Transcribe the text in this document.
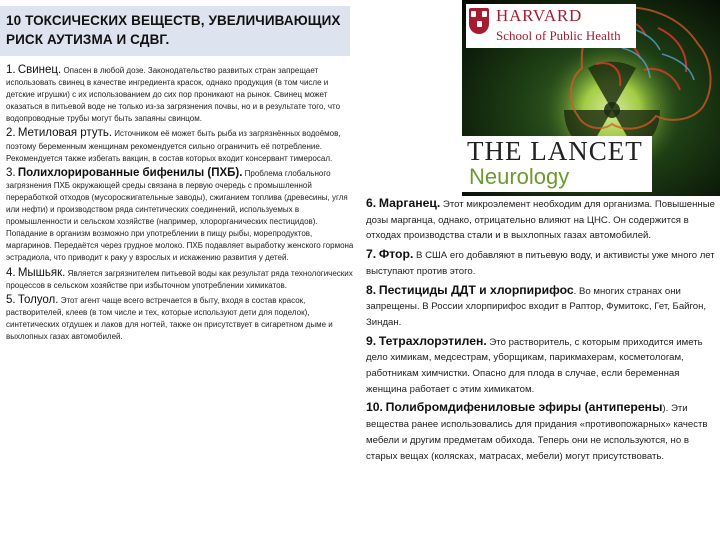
10 ТОКСИЧЕСКИХ ВЕЩЕСТВ, УВЕЛИЧИВАЮЩИХ
РИСК АУТИЗМА И СДВГ.
HARVARD
School of Public Health
THE LANCET
Neurology
1. Свинец. Опасен в любой дозе. Законодательство развитых стран запрещает использовать свинец в качестве ингредиента красок, однако продукция (в том числе и детские игрушки) с их использованием до сих пор проникают на рынок. Свинец может оказаться в питьевой воде не только из-за загрязнения почвы, но и в результате того, что водопроводные трубы могут быть запаяны свинцом.
2. Метиловая ртуть. Источником её может быть рыба из загрязнённых водоёмов, поэтому беременным женщинам рекомендуется сильно ограничить её потребление. Рекомендуется также избегать вакцин, в состав которых входит консервант тимеросал.
3. Полихлорированные бифенилы (ПХБ). Проблема глобального загрязнения ПХБ окружающей среды связана в первую очередь с промышленной переработкой отходов (мусоросжигательные заводы), сжиганием топлива (древесины, угля или нефти) и производством ряда синтетических соединений, используемых в промышленности и сельском хозяйстве (например, хлорорганических пестицидов). Попадание в организм возможно при употреблении в пищу рыбы, морепродуктов, маргаринов. Передаётся через грудное молоко. ПХБ подавляет выработку женского гормона эстрадиола, что приводит к раку у взрослых и искажению развития у детей.
4. Мышьяк. Является загрязнителем питьевой воды как результат ряда технологических процессов в сельском хозяйстве при избыточном употреблении химикатов.
5. Толуол. Этот агент чаще всего встречается в быту, входя в состав красок, растворителей, клеев (в том числе и тех, которые используют дети для поделок), синтетических отдушек и лаков для ногтей, также он присутствует в сигаретном дыме и выхлопных газах автомобилей.
6. Марганец. Этот микроэлемент необходим для организма. Повышенные дозы марганца, однако, отрицательно влияют на ЦНС. Он содержится в отходах производства стали и в выхлопных газах автомобилей.
7. Фтор. В США его добавляют в питьевую воду, и активисты уже много лет выступают против этого.
8. Пестициды ДДТ и хлорпирифос. Во многих странах они запрещены. В России хлорпирифос входит в Раптор, Фумитокс, Гет, Байгон, Зиндан.
9. Тетрахлорэтилен. Это растворитель, с которым приходится иметь дело химикам, медсестрам, уборщикам, парикмахерам, косметологам, работникам химчистки. Опасно для плода в случае, если беременная женщина работает с этим химикатом.
10. Полибромдифениловые эфиры (антиперены). Эти вещества ранее использовались для придания «противопожарных» качеств мебели и другим предметам обихода. Теперь они не используются, но в старых вещах (колясках, матрасах, мебели) могут присутствовать.
